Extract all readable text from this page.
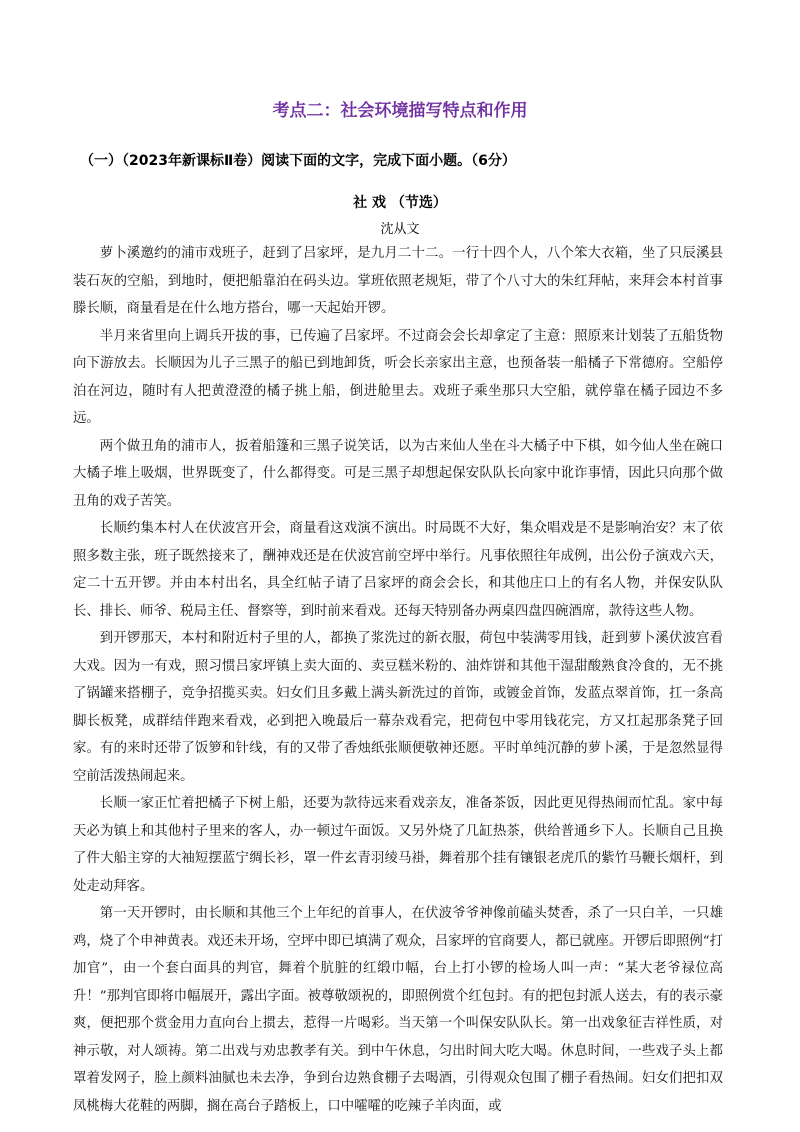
考点二：社会环境描写特点和作用
（一）（2023年新课标Ⅱ卷）阅读下面的文字，完成下面小题。（6分）
社 戏 （节选）
沈从文

萝卜溪邀约的浦市戏班子，赶到了吕家坪，是九月二十二。一行十四个人，八个笨大衣箱，坐了只辰溪县装石灰的空船，到地时，便把船靠泊在码头边。掌班依照老规矩，带了个八寸大的朱红拜帖，来拜会本村首事滕长顺，商量看是在什么地方搭台，哪一天起始开锣。

半月来省里向上调兵开拔的事，已传遍了吕家坪。不过商会会长却拿定了主意：照原来计划装了五船货物向下游放去。长顺因为儿子三黑子的船已到地卸货，听会长亲家出主意，也预备装一船橘子下常德府。空船停泊在河边，随时有人把黄澄澄的橘子挑上船，倒进舱里去。戏班子乘坐那只大空船，就停靠在橘子园边不多远。

两个做丑角的浦市人，扳着船篷和三黑子说笑话，以为古来仙人坐在斗大橘子中下棋，如今仙人坐在碗口大橘子堆上吸烟，世界既变了，什么都得变。可是三黑子却想起保安队队长向家中讹诈事情，因此只向那个做丑角的戏子苦笑。

长顺约集本村人在伏波宫开会，商量看这戏演不演出。时局既不大好，集众唱戏是不是影响治安？末了依照多数主张，班子既然接来了，酬神戏还是在伏波宫前空坪中举行。凡事依照往年成例，出公份子演戏六天，定二十五开锣。并由本村出名，具全红帖子请了吕家坪的商会会长，和其他庄口上的有名人物，并保安队队长、排长、师爷、税局主任、督察等，到时前来看戏。还每天特别备办两桌四盘四碗酒席，款待这些人物。

到开锣那天，本村和附近村子里的人，都换了浆洗过的新衣服，荷包中装满零用钱，赶到萝卜溪伏波宫看大戏。因为一有戏，照习惯吕家坪镇上卖大面的、卖豆糕米粉的、油炸饼和其他干湿甜酸熟食冷食的，无不挑了锅罐来搭棚子，竞争招揽买卖。妇女们且多戴上满头新洗过的首饰，或镀金首饰，发蓝点翠首饰，扛一条高脚长板凳，成群结伴跑来看戏，必到把入晚最后一幕杂戏看完，把荷包中零用钱花完，方又扛起那条凳子回家。有的来时还带了饭箩和针线，有的又带了香烛纸张顺便敬神还愿。平时单纯沉静的萝卜溪，于是忽然显得空前活泼热闹起来。

长顺一家正忙着把橘子下树上船，还要为款待远来看戏亲友，准备茶饭，因此更见得热闹而忙乱。家中每天必为镇上和其他村子里来的客人，办一顿过午面饭。又另外烧了几缸热茶，供给普通乡下人。长顺自己且换了件大船主穿的大袖短摆蓝宁绸长衫，罩一件玄青羽绫马褂，舞着那个挂有镶银老虎爪的紫竹马鞭长烟杆，到处走动拜客。

第一天开锣时，由长顺和其他三个上年纪的首事人，在伏波爷爷神像前磕头焚香，杀了一只白羊，一只雄鸡，烧了个申神黄表。戏还未开场，空坪中即已填满了观众，吕家坪的官商要人，都已就座。开锣后即照例“打加官”，由一个套白面具的判官，舞着个肮脏的红缎巾幅，台上打小锣的检场人叫一声：“某大老爷禄位高升！”那判官即将巾幅展开，露出字面。被尊敬颂祝的，即照例赏个红包封。有的把包封派人送去，有的表示豪爽，便把那个赏金用力直向台上掼去，惹得一片喝彩。当天第一个叫保安队队长。第一出戏象征吉祥性质，对神示敬，对人颂祷。第二出戏与劝忠教孝有关。到中午休息，匀出时间大吃大喝。休息时间，一些戏子头上都罩着发网子，脸上颜料油腻也未去净，争到台边熟食棚子去喝酒，引得观众包围了棚子看热闹。妇女们把扣双凤桃梅大花鞋的两脚，搁在高台子踏板上，口中嚯嚯的吃辣子羊肉面，或
